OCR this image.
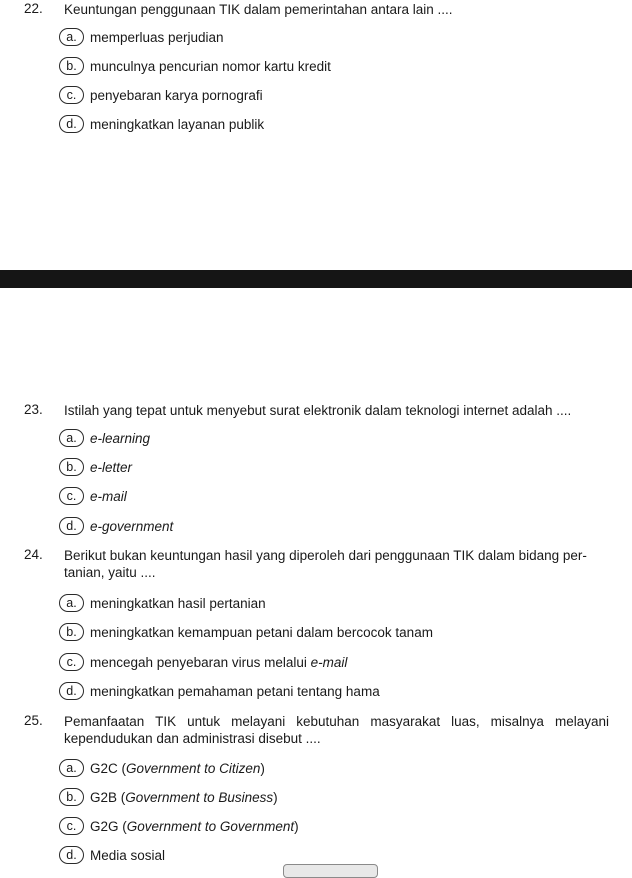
22. Keuntungan penggunaan TIK dalam pemerintahan antara lain ....
a. memperluas perjudian
b. munculnya pencurian nomor kartu kredit
c.	penyebaran karya pornografi
d. meningkatkan layanan publik
23. Istilah yang tepat untuk menyebut surat elektronik dalam teknologi internet adalah ....
a. e-learning
b. e-letter
c.	e-mail
d. e-government
24. Berikut bukan keuntungan hasil yang diperoleh dari penggunaan TIK dalam bidang per-
tanian, yaitu ....
a. meningkatkan hasil pertanian
b. meningkatkan kemampuan petani dalam bercocok tanam
c.	mencegah penyebaran virus melalui e-mail
d. meningkatkan pemahaman petani tentang hama
25. Pemanfaatan TIK untuk melayani kebutuhan masyarakat luas, misalnya melayani kependudukan dan administrasi disebut ....
a. G2C (Government to Citizen)
b. G2B (Government to Business)
c.	G2G (Government to Government)
d. Media sosial
